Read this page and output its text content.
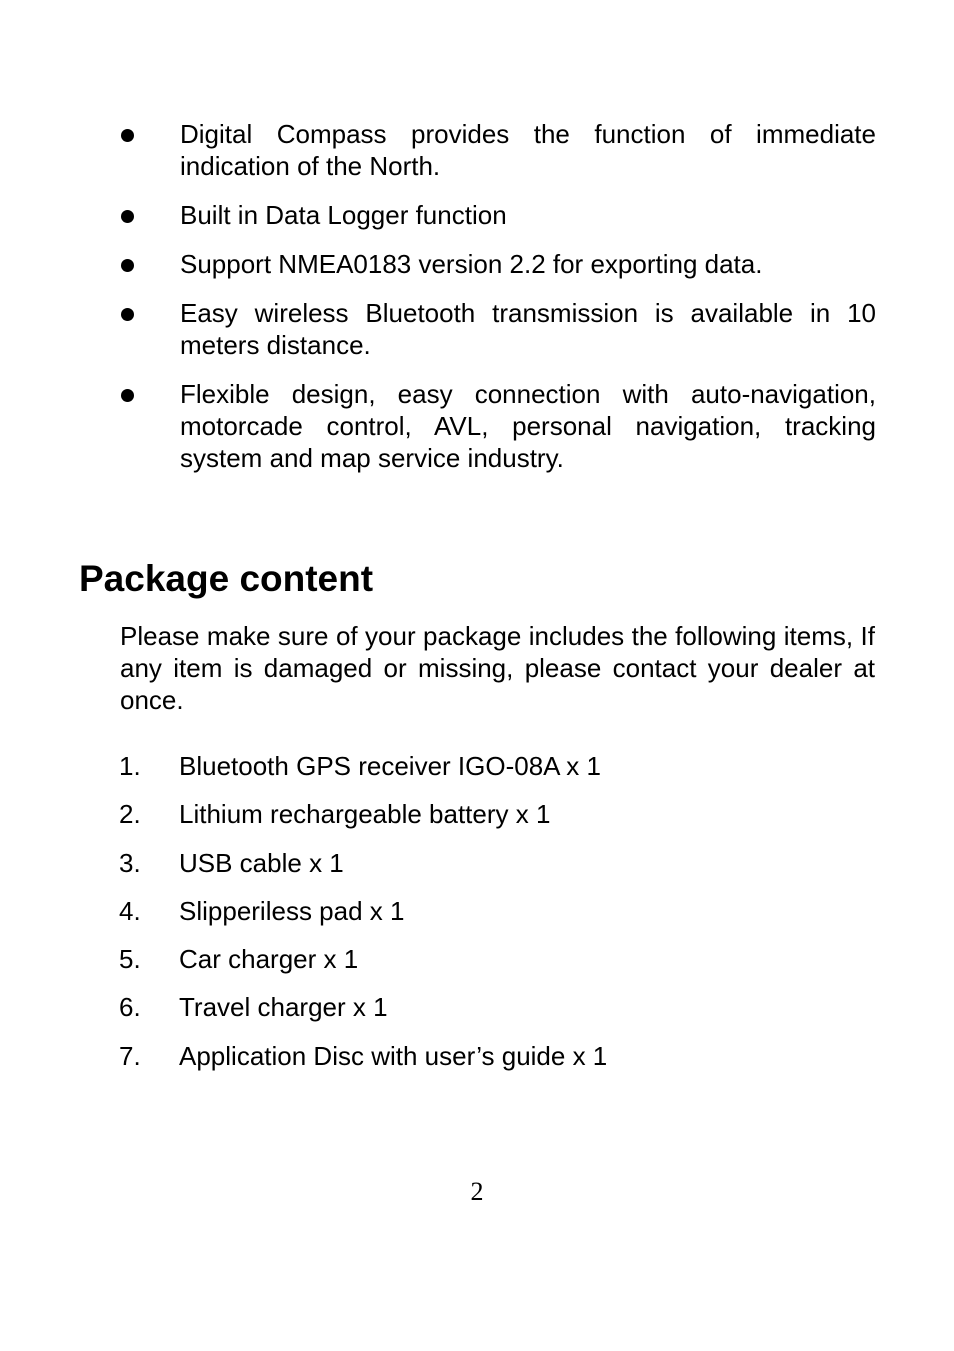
Digital Compass provides the function of immediate indication of the North.
Built in Data Logger function
Support NMEA0183 version 2.2 for exporting data.
Easy wireless Bluetooth transmission is available in 10 meters distance.
Flexible design, easy connection with auto-navigation, motorcade control, AVL, personal navigation, tracking system and map service industry.
Package content

Please make sure of your package includes the following items, If any item is damaged or missing, please contact your dealer at once.

1. Bluetooth GPS receiver IGO-08A x 1
2. Lithium rechargeable battery x 1
3. USB cable x 1
4. Slipperiless pad x 1
5. Car charger x 1
6. Travel charger x 1
7. Application Disc with user’s guide x 1
2
